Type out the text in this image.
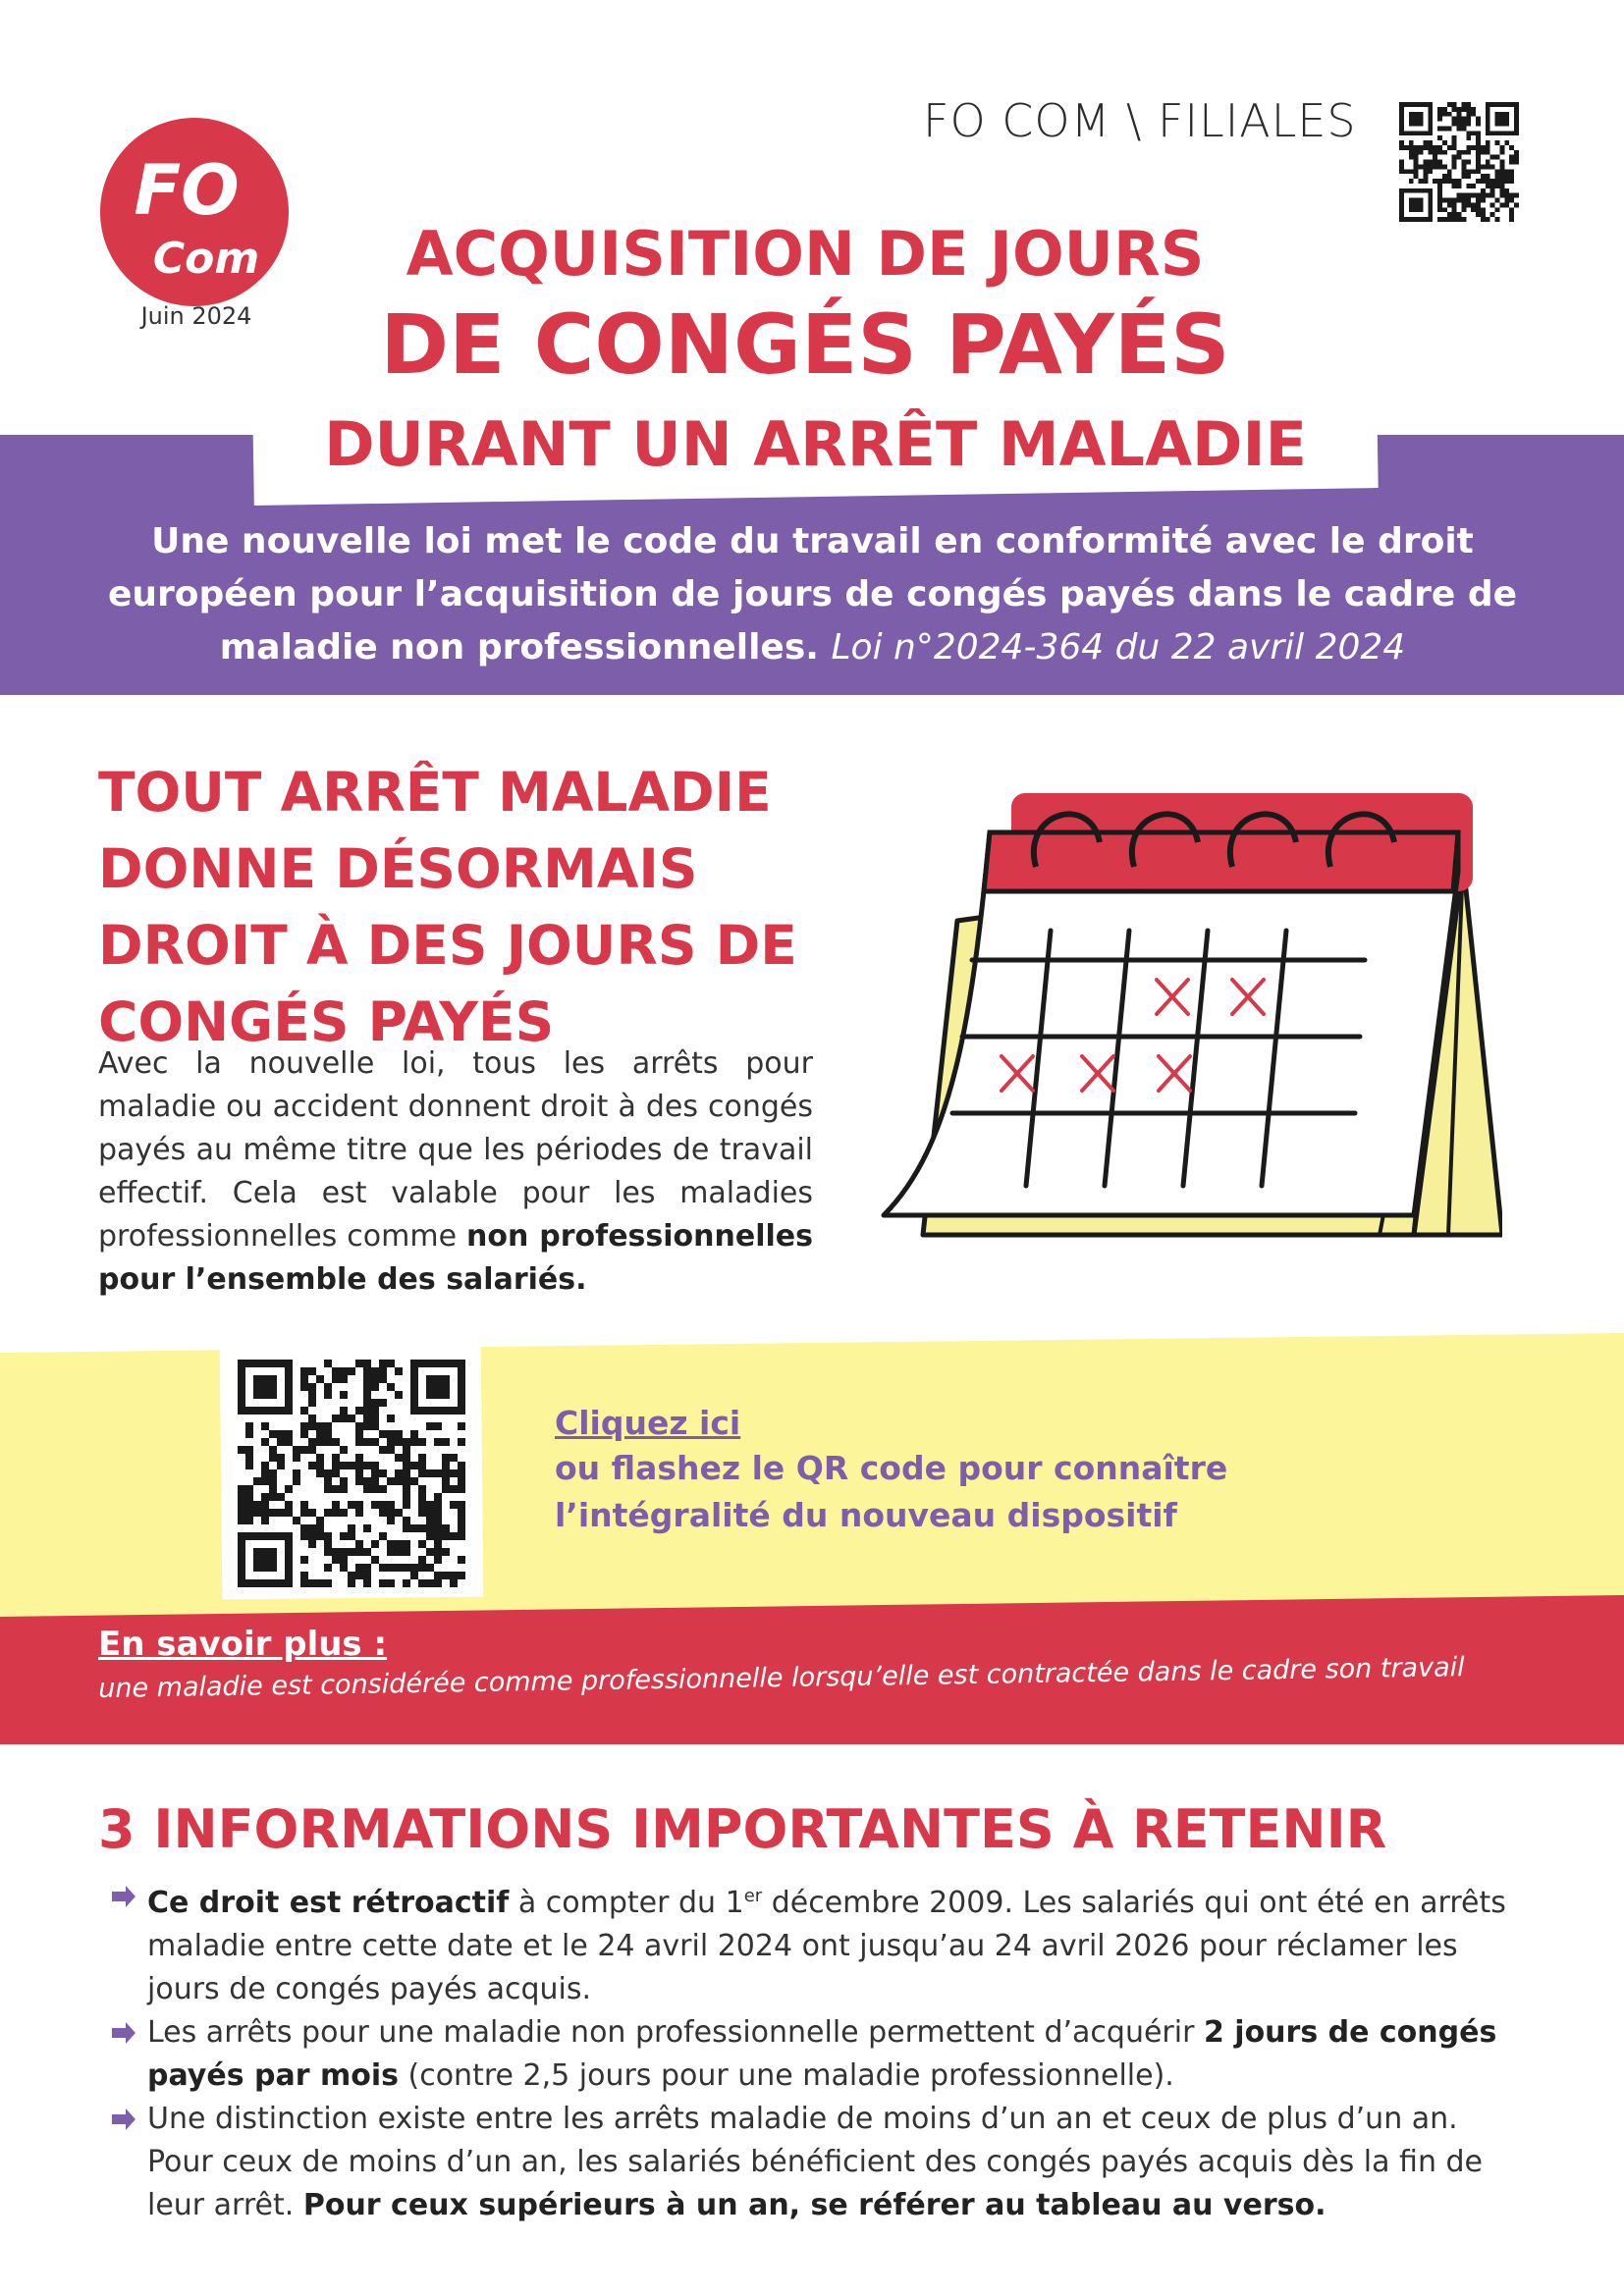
FO
Com
Juin 2024
FO COM \ FILIALES
ACQUISITION DE JOURS
DE CONGÉS PAYÉS
DURANT UN ARRÊT MALADIE
Une nouvelle loi met le code du travail en conformité avec le droit européen pour l’acquisition de jours de congés payés dans le cadre de maladie non professionnelles. Loi n°2024-364 du 22 avril 2024
TOUT ARRÊT MALADIE DONNE DÉSORMAIS DROIT À DES JOURS DE CONGÉS PAYÉS
Avec la nouvelle loi, tous les arrêts pour maladie ou accident donnent droit à des congés payés au même titre que les périodes de travail effectif. Cela est valable pour les maladies professionnelles comme non professionnelles pour l’ensemble des salariés.
Cliquez ici
ou flashez le QR code pour connaître l’intégralité du nouveau dispositif
En savoir plus :
une maladie est considérée comme professionnelle lorsqu’elle est contractée dans le cadre son travail
3 INFORMATIONS IMPORTANTES À RETENIR
Ce droit est rétroactif à compter du 1er décembre 2009. Les salariés qui ont été en arrêts maladie entre cette date et le 24 avril 2024 ont jusqu’au 24 avril 2026 pour réclamer les jours de congés payés acquis.
Les arrêts pour une maladie non professionnelle permettent d’acquérir 2 jours de congés payés par mois (contre 2,5 jours pour une maladie professionnelle).
Une distinction existe entre les arrêts maladie de moins d’un an et ceux de plus d’un an. Pour ceux de moins d’un an, les salariés bénéficient des congés payés acquis dès la fin de leur arrêt. Pour ceux supérieurs à un an, se référer au tableau au verso.
